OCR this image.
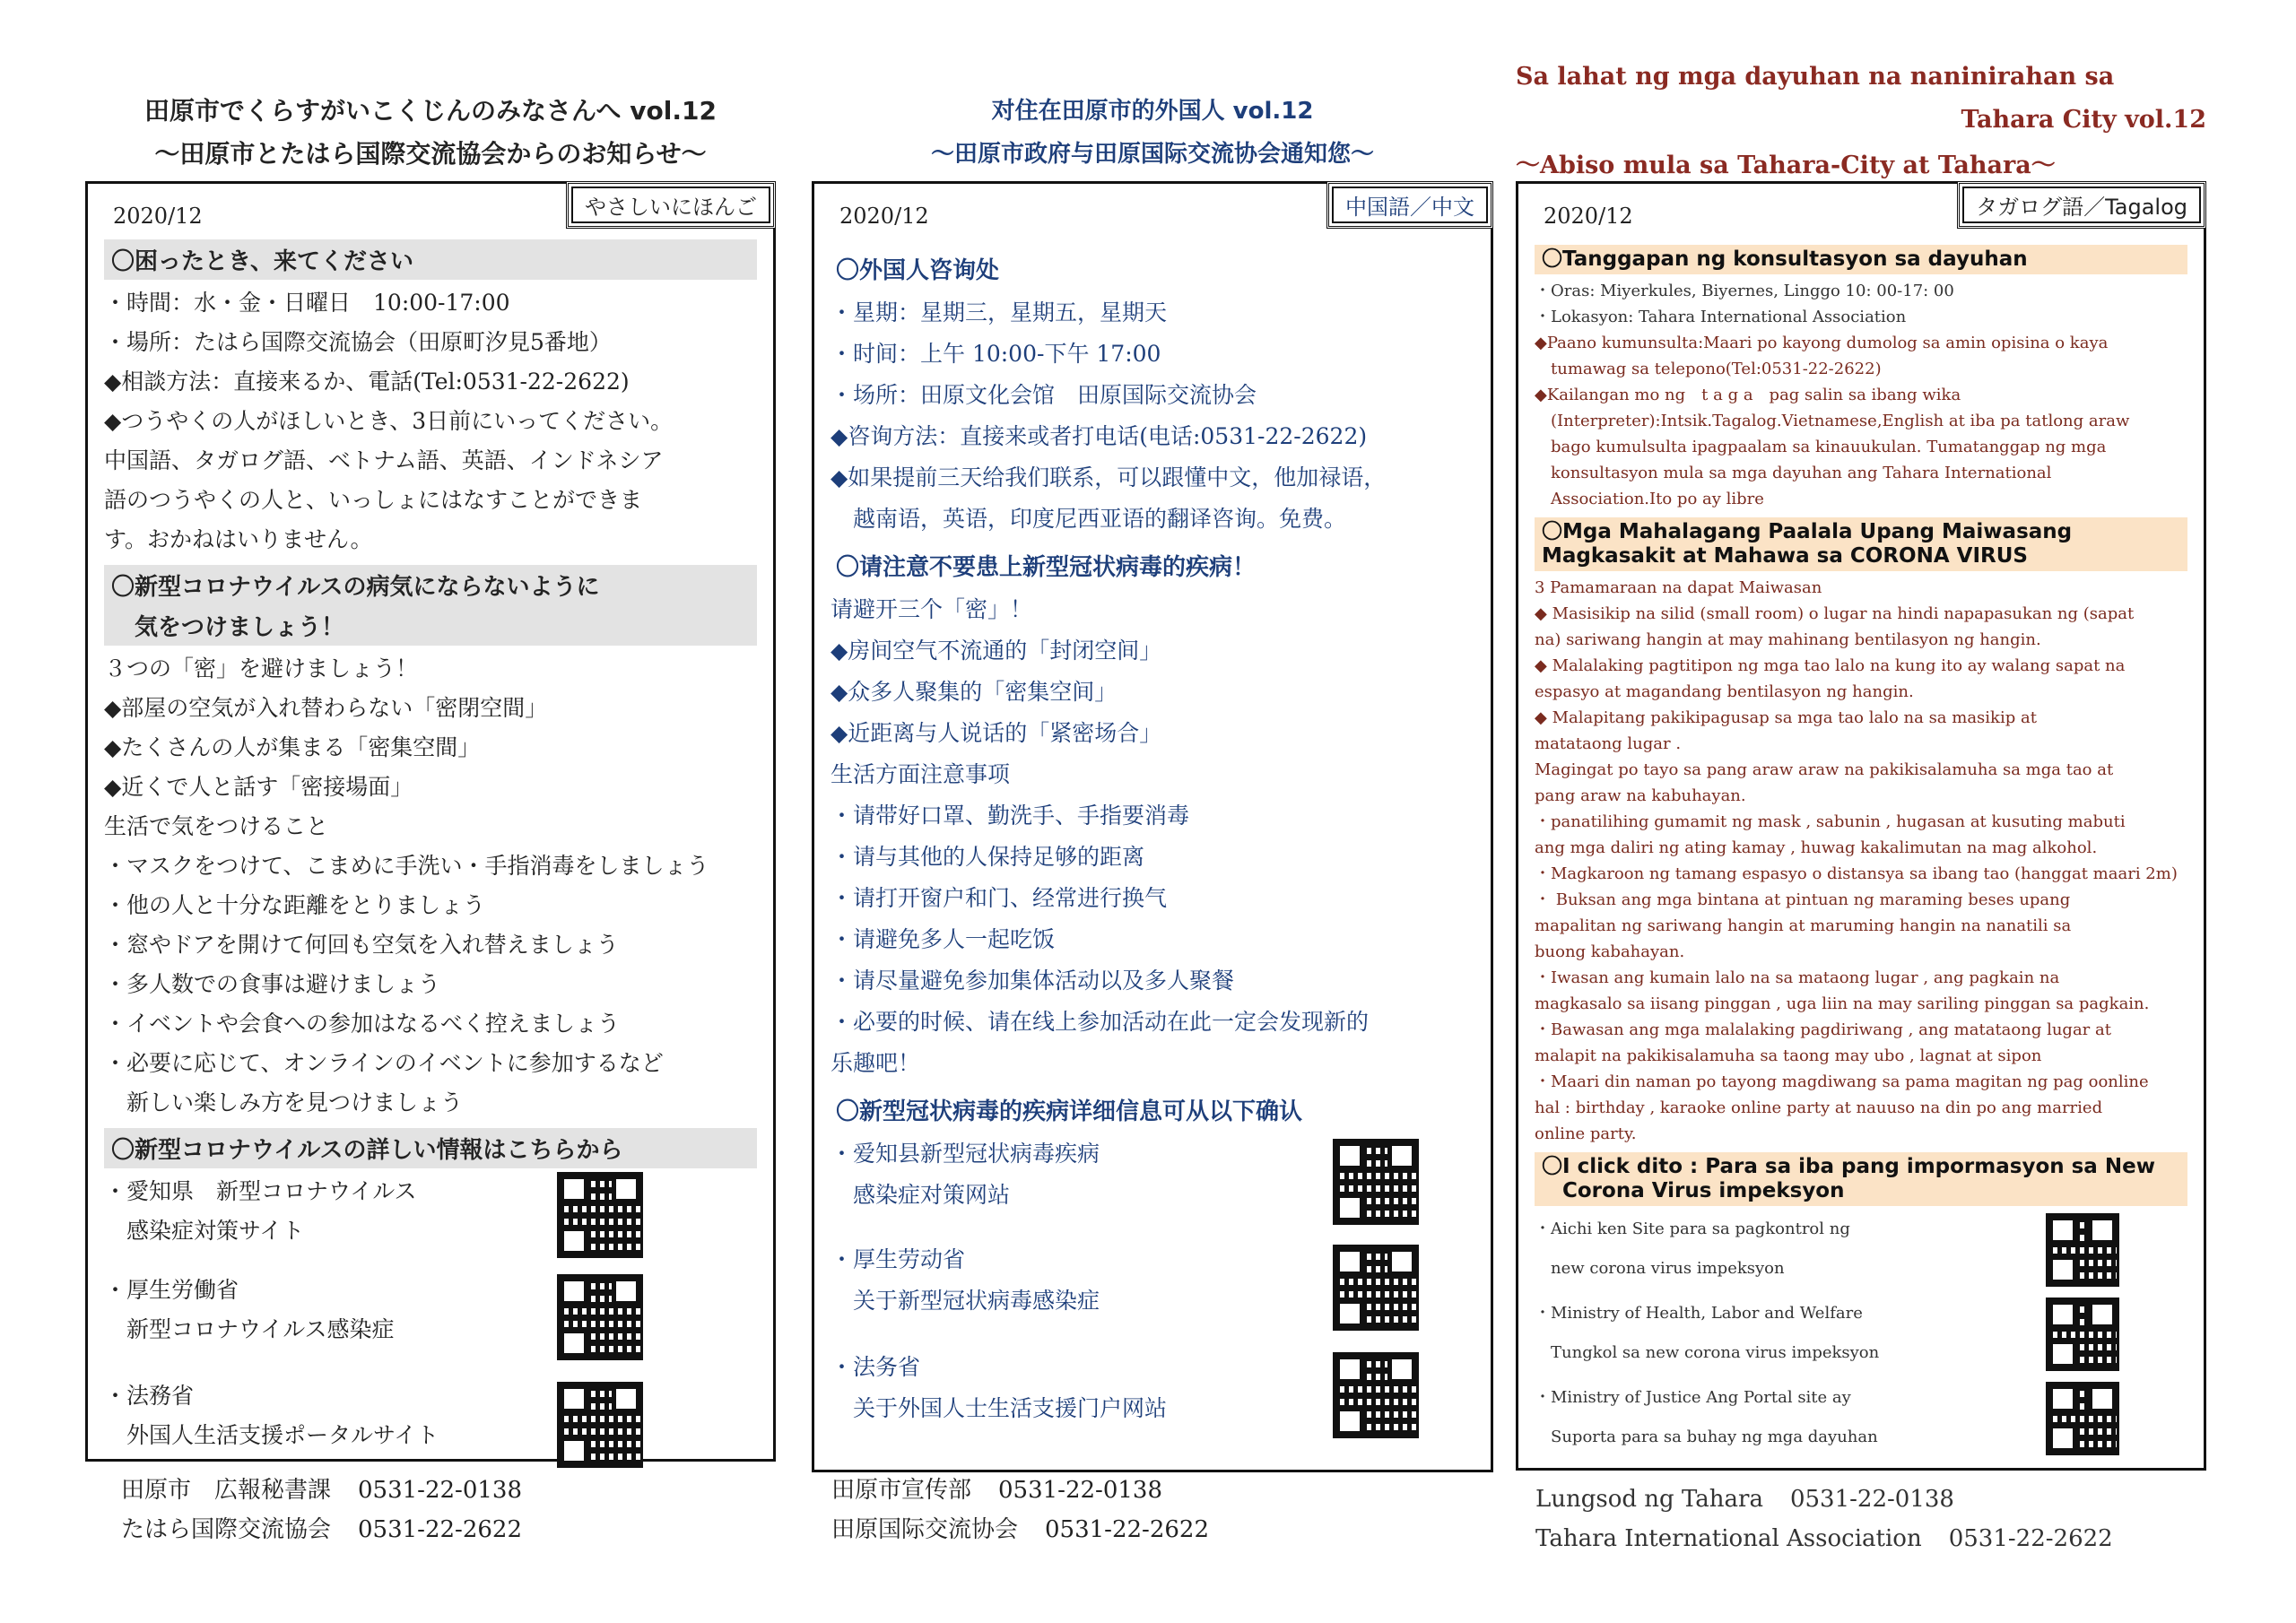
田原市でくらすがいこくじんのみなさんへ vol.12
～田原市とたはら国際交流協会からのお知らせ～
やさしいにほんご
2020/12
〇困ったとき、来てください
・時間：水・金・日曜日　10:00-17:00
・場所：たはら国際交流協会（田原町汐見5番地）
◆相談方法：直接来るか、電話(Tel:0531-22-2622)
◆つうやくの人がほしいとき、3日前にいってください。
中国語、タガログ語、ベトナム語、英語、インドネシア
語のつうやくの人と、いっしょにはなすことができま
す。おかねはいりません。
〇新型コロナウイルスの病気にならないように
　気をつけましょう！
３つの「密」を避けましょう！
◆部屋の空気が入れ替わらない「密閉空間」
◆たくさんの人が集まる「密集空間」
◆近くで人と話す「密接場面」
生活で気をつけること
・マスクをつけて、こまめに手洗い・手指消毒をしましょう
・他の人と十分な距離をとりましょう
・窓やドアを開けて何回も空気を入れ替えましょう
・多人数での食事は避けましょう
・イベントや会食への参加はなるべく控えましょう
・必要に応じて、オンラインのイベントに参加するなど
　新しい楽しみ方を見つけましょう
〇新型コロナウイルスの詳しい情報はこちらから
・愛知県　新型コロナウイルス
　感染症対策サイト
・厚生労働省
　新型コロナウイルス感染症
・法務省
　外国人生活支援ポータルサイト
田原市　広報秘書課 0531-22-0138
たはら国際交流協会 0531-22-2622
对住在田原市的外国人 vol.12
～田原市政府与田原国际交流协会通知您～
中国語／中文
2020/12
〇外国人咨询处
・星期：星期三，星期五，星期天
・时间：上午 10:00-下午 17:00
・场所：田原文化会馆　田原国际交流协会
◆咨询方法：直接来或者打电话(电话:0531-22-2622)
◆如果提前三天给我们联系，可以跟懂中文，他加禄语，
　越南语，英语，印度尼西亚语的翻译咨询。免费。
〇请注意不要患上新型冠状病毒的疾病！
请避开三个「密」！
◆房间空气不流通的「封闭空间」
◆众多人聚集的「密集空间」
◆近距离与人说话的「紧密场合」
生活方面注意事项
・请带好口罩、勤洗手、手指要消毒
・请与其他的人保持足够的距离
・请打开窗户和门、经常进行换气
・请避免多人一起吃饭
・请尽量避免参加集体活动以及多人聚餐
・必要的时候、请在线上参加活动在此一定会发现新的
乐趣吧！
〇新型冠状病毒的疾病详细信息可从以下确认
・爱知县新型冠状病毒疾病
　感染症对策网站
・厚生劳动省
　关于新型冠状病毒感染症
・法务省
　关于外国人士生活支援门户网站
田原市宣传部 0531-22-0138
田原国际交流协会 0531-22-2622
Sa lahat ng mga dayuhan na naninirahan sa
Tahara City vol.12
～Abiso mula sa Tahara-City at Tahara～
タガログ語／Tagalog
2020/12
〇Tanggapan ng konsultasyon sa dayuhan
・Oras: Miyerkules, Biyernes, Linggo 10: 00-17: 00
・Lokasyon: Tahara International Association
◆Paano kumunsulta:Maari po kayong dumolog sa amin opisina o kaya
　tumawag sa telepono(Tel:0531-22-2622)
◆Kailangan mo ng　t a g a　pag salin sa ibang wika
　(Interpreter):Intsik.Tagalog.Vietnamese,English at iba pa tatlong araw
　bago kumulsulta ipagpaalam sa kinauukulan. Tumatanggap ng mga
　konsultasyon mula sa mga dayuhan ang Tahara International
　Association.Ito po ay libre
〇Mga Mahalagang Paalala Upang Maiwasang
Magkasakit at Mahawa sa CORONA VIRUS
3 Pamamaraan na dapat Maiwasan
◆ Masisikip na silid (small room) o lugar na hindi napapasukan ng (sapat
na) sariwang hangin at may mahinang bentilasyon ng hangin.
◆ Malalaking pagtitipon ng mga tao lalo na kung ito ay walang sapat na
espasyo at magandang bentilasyon ng hangin.
◆ Malapitang pakikipagusap sa mga tao lalo na sa masikip at
matataong lugar .
Magingat po tayo sa pang araw araw na pakikisalamuha sa mga tao at
pang araw na kabuhayan.
・panatilihing gumamit ng mask , sabunin , hugasan at kusuting mabuti
ang mga daliri ng ating kamay , huwag kakalimutan na mag alkohol.
・Magkaroon ng tamang espasyo o distansya sa ibang tao (hanggat maari 2m)
・ Buksan ang mga bintana at pintuan ng maraming beses upang
mapalitan ng sariwang hangin at maruming hangin na nanatili sa
buong kabahayan.
・Iwasan ang kumain lalo na sa mataong lugar , ang pagkain na
magkasalo sa iisang pinggan , uga liin na may sariling pinggan sa pagkain.
・Bawasan ang mga malalaking pagdiriwang , ang matataong lugar at
malapit na pakikisalamuha sa taong may ubo , lagnat at sipon
・Maari din naman po tayong magdiwang sa pama magitan ng pag oonline
hal : birthday , karaoke online party at nauuso na din po ang married
online party.
〇I click dito : Para sa iba pang impormasyon sa New
　Corona Virus impeksyon
・Aichi ken Site para sa pagkontrol ng
　new corona virus impeksyon
・Ministry of Health, Labor and Welfare
　Tungkol sa new corona virus impeksyon
・Ministry of Justice Ang Portal site ay
　Suporta para sa buhay ng mga dayuhan
Lungsod ng Tahara 0531-22-0138
Tahara International Association 0531-22-2622
